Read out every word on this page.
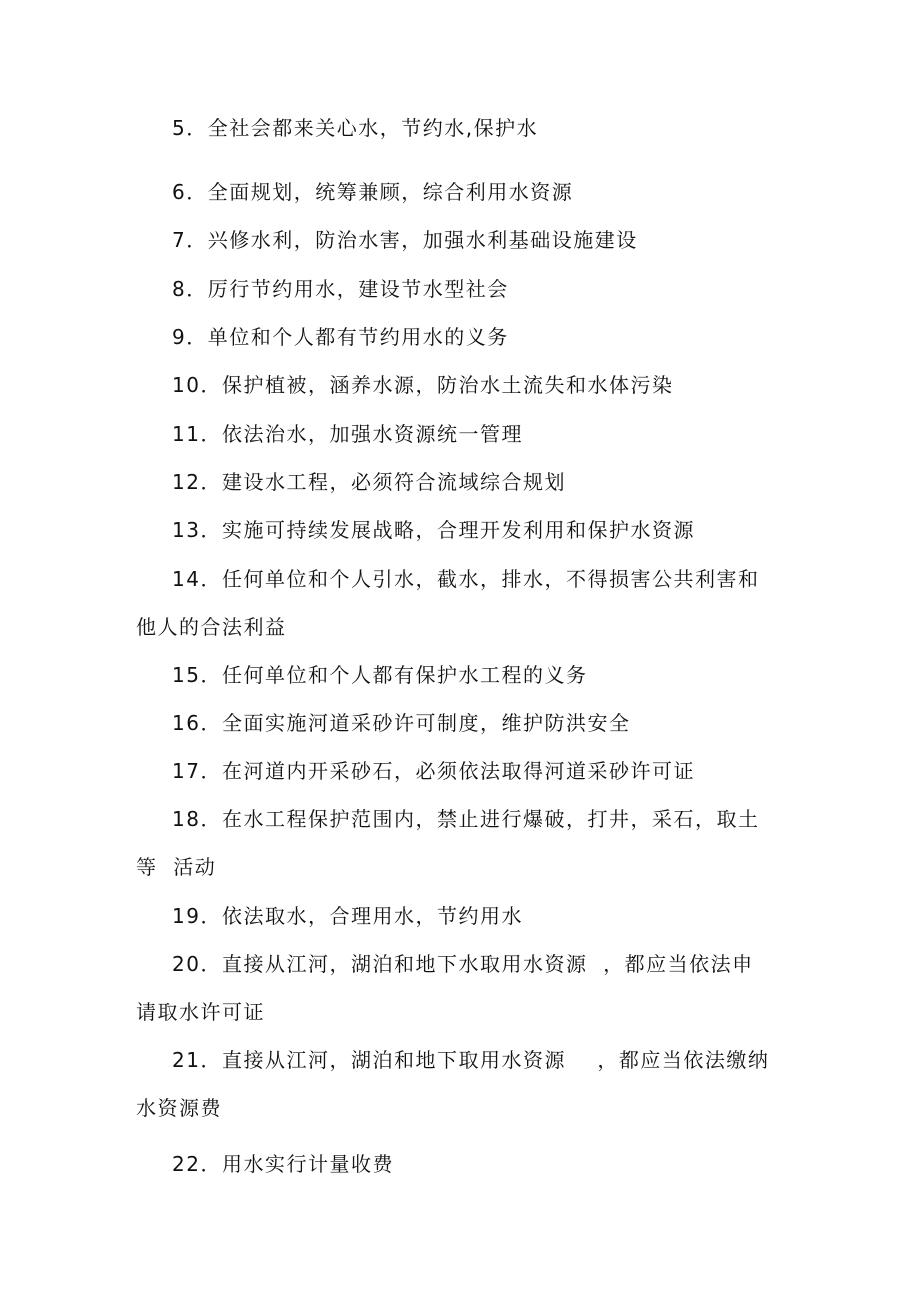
5．全社会都来关心水，节约水,保护水
6．全面规划，统筹兼顾，综合利用水资源
7．兴修水利，防治水害，加强水利基础设施建设
8．厉行节约用水，建设节水型社会
9．单位和个人都有节约用水的义务
10．保护植被，涵养水源，防治水土流失和水体污染
11．依法治水，加强水资源统一管理
12．建设水工程，必须符合流域综合规划
13．实施可持续发展战略，合理开发利用和保护水资源
14．任何单位和个人引水，截水，排水，不得损害公共利害和
他人的合法利益
15．任何单位和个人都有保护水工程的义务
16．全面实施河道采砂许可制度，维护防洪安全
17．在河道内开采砂石，必须依法取得河道采砂许可证
18．在水工程保护范围内，禁止进行爆破，打井，采石，取土
等  活动
19．依法取水，合理用水，节约用水
20．直接从江河，湖泊和地下水取用水资源  ，都应当依法申
请取水许可证
21．直接从江河，湖泊和地下取用水资源    ，都应当依法缴纳
水资源费
22．用水实行计量收费
